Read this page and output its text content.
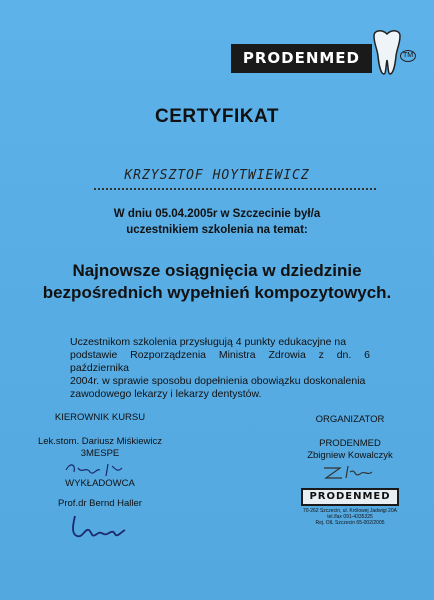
PRODENMED	TM
CERTYFIKAT
KRZYSZTOF HOYTWIEWICZ
W dniu 05.04.2005r w Szczecinie był/a
uczestnikiem szkolenia na temat:
Najnowsze osiągnięcia w dziedzinie
bezpośrednich wypełnień kompozytowych.
Uczestnikom szkolenia przysługują 4 punkty edukacyjne na
podstawie Rozporządzenia Ministra Zdrowia z dn. 6 października
2004r. w sprawie sposobu dopełnienia obowiązku doskonalenia
zawodowego lekarzy i lekarzy dentystów.
KIEROWNIK KURSU
Lek.stom. Dariusz Miśkiewicz
3MESPE
WYKŁADOWCA
Prof.dr Bernd Haller
ORGANIZATOR
PRODENMED
Zbigniew Kowalczyk
PRODENMED
70-262 Szczecin, ul. Królowej Jadwigi 20A
tel./fax 091-4335325
Rej. OIL Szczecin 65-002/2005
